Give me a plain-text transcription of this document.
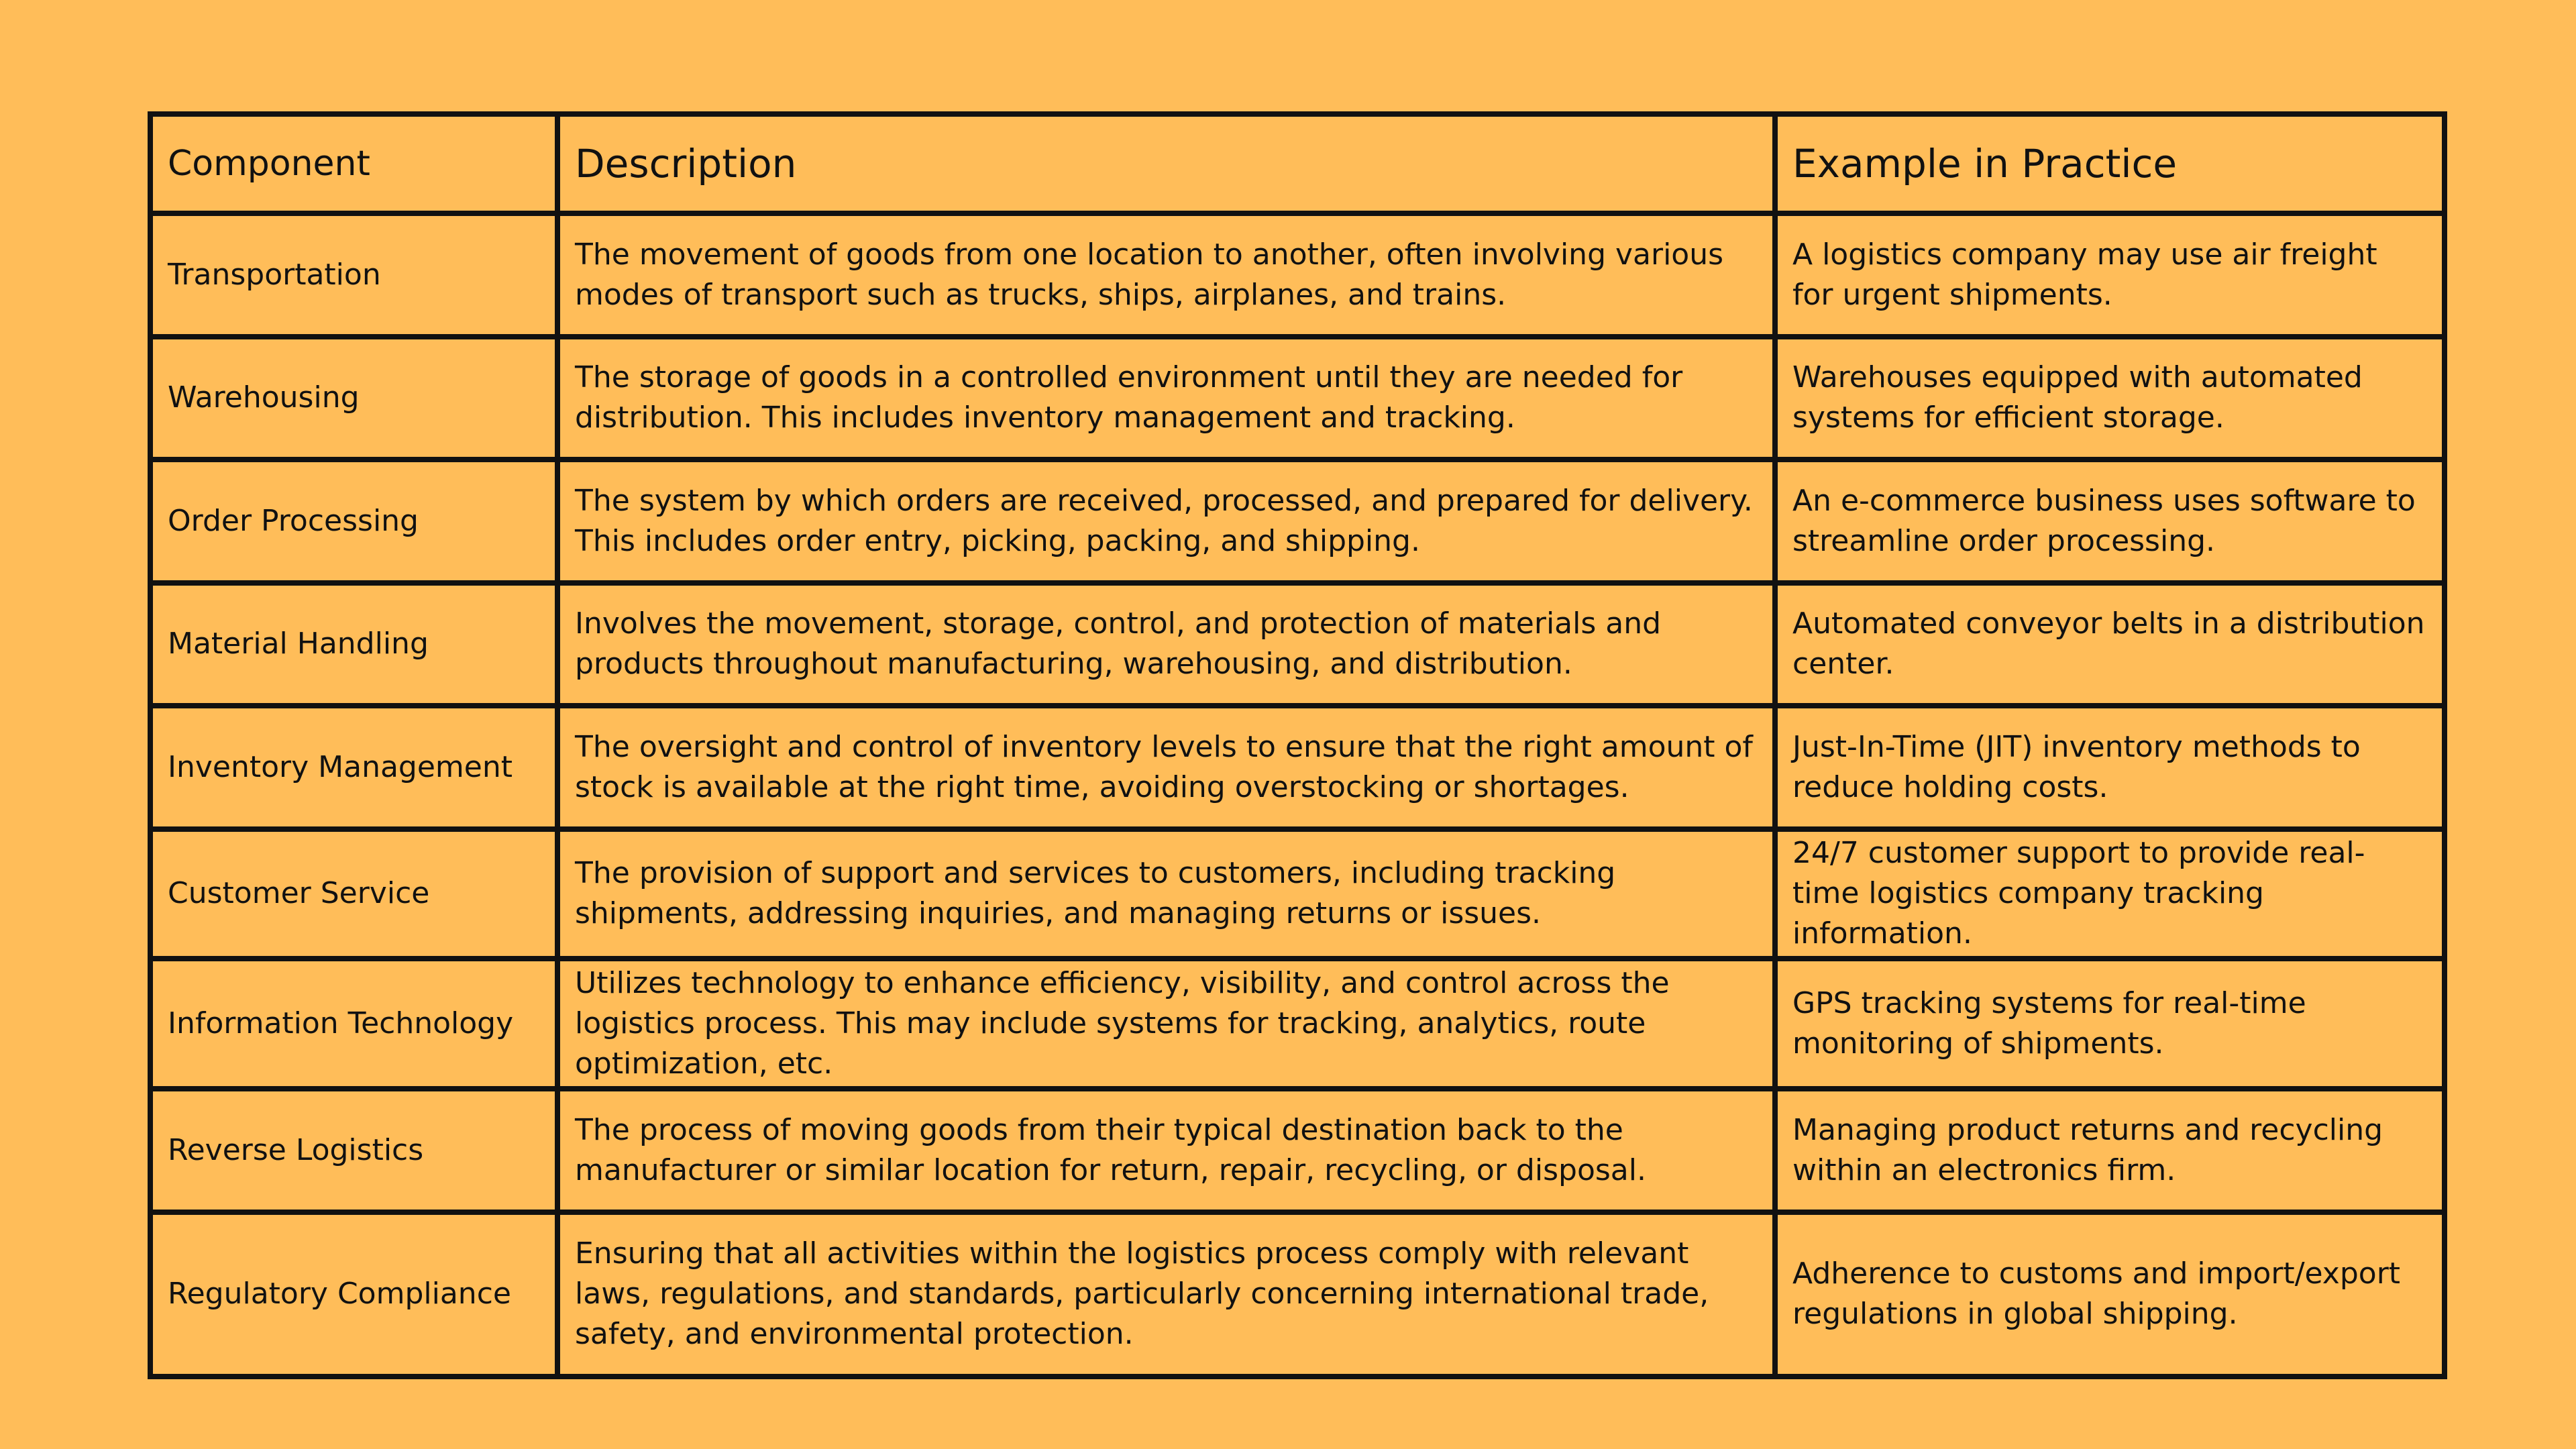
Component	Description	Example in Practice
Transportation	The movement of goods from one location to another, often involving various modes of transport such as trucks, ships, airplanes, and trains.	A logistics company may use air freight for urgent shipments.
Warehousing	The storage of goods in a controlled environment until they are needed for distribution. This includes inventory management and tracking.	Warehouses equipped with automated systems for efficient storage.
Order Processing	The system by which orders are received, processed, and prepared for delivery. This includes order entry, picking, packing, and shipping.	An e-commerce business uses software to streamline order processing.
Material Handling	Involves the movement, storage, control, and protection of materials and products throughout manufacturing, warehousing, and distribution.	Automated conveyor belts in a distribution center.
Inventory Management	The oversight and control of inventory levels to ensure that the right amount of stock is available at the right time, avoiding overstocking or shortages.	Just-In-Time (JIT) inventory methods to reduce holding costs.
Customer Service	The provision of support and services to customers, including tracking shipments, addressing inquiries, and managing returns or issues.	24/7 customer support to provide real-time logistics company tracking information.
Information Technology	Utilizes technology to enhance efficiency, visibility, and control across the logistics process. This may include systems for tracking, analytics, route optimization, etc.	GPS tracking systems for real-time monitoring of shipments.
Reverse Logistics	The process of moving goods from their typical destination back to the manufacturer or similar location for return, repair, recycling, or disposal.	Managing product returns and recycling within an electronics firm.
Regulatory Compliance	Ensuring that all activities within the logistics process comply with relevant laws, regulations, and standards, particularly concerning international trade, safety, and environmental protection.	Adherence to customs and import/export regulations in global shipping.
